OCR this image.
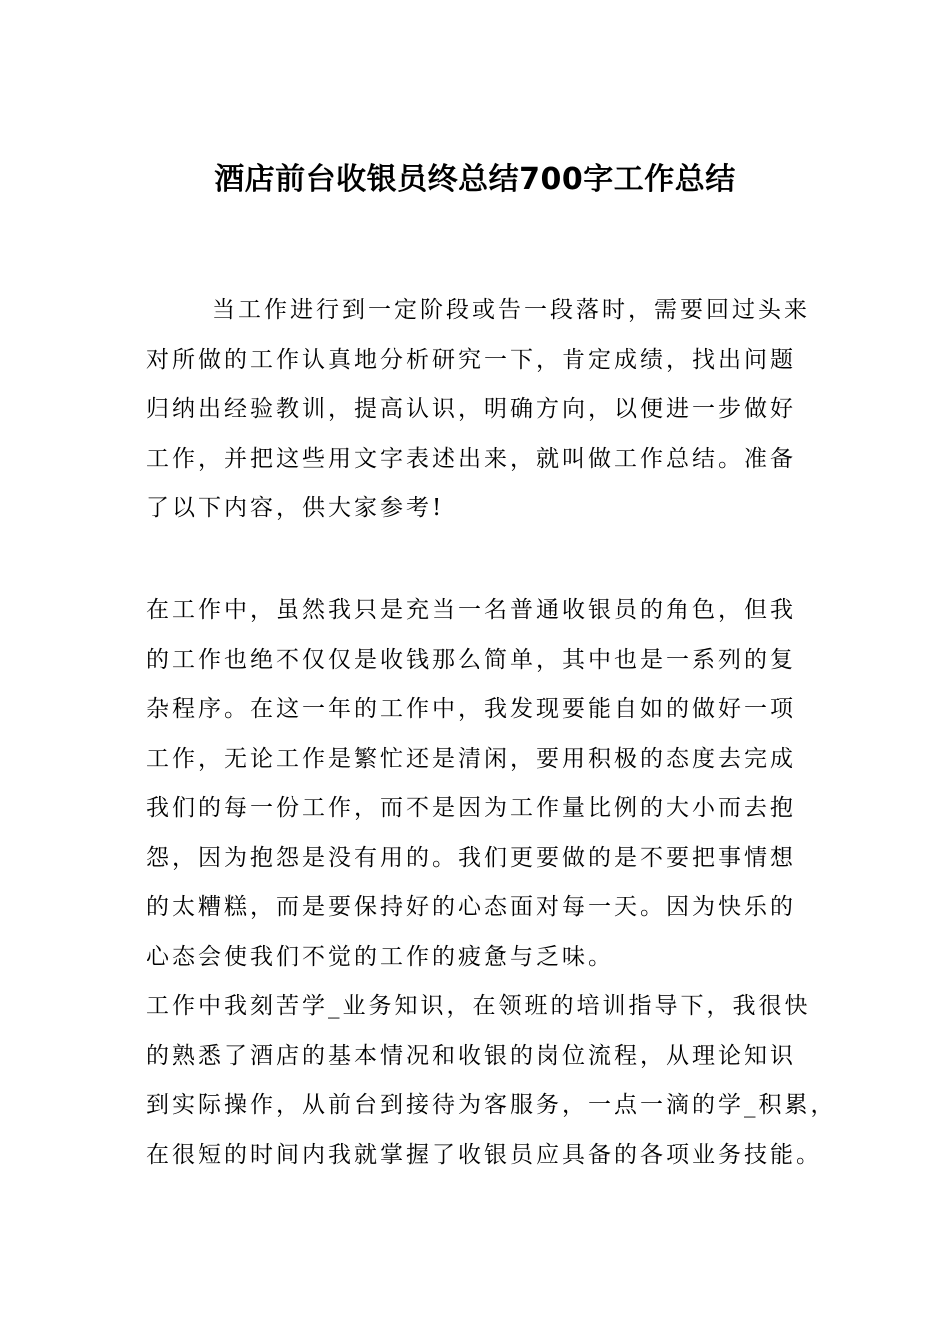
酒店前台收银员终总结700字工作总结
当工作进行到一定阶段或告一段落时，需要回过头来
对所做的工作认真地分析研究一下，肯定成绩，找出问题
归纳出经验教训，提高认识，明确方向，以便进一步做好
工作，并把这些用文字表述出来，就叫做工作总结。准备
了以下内容，供大家参考!
在工作中，虽然我只是充当一名普通收银员的角色，但我
的工作也绝不仅仅是收钱那么简单，其中也是一系列的复
杂程序。在这一年的工作中，我发现要能自如的做好一项
工作，无论工作是繁忙还是清闲，要用积极的态度去完成
我们的每一份工作，而不是因为工作量比例的大小而去抱
怨，因为抱怨是没有用的。我们更要做的是不要把事情想
的太糟糕，而是要保持好的心态面对每一天。因为快乐的
心态会使我们不觉的工作的疲惫与乏味。
工作中我刻苦学_业务知识，在领班的培训指导下，我很快
的熟悉了酒店的基本情况和收银的岗位流程，从理论知识
到实际操作，从前台到接待为客服务，一点一滴的学_积累，
在很短的时间内我就掌握了收银员应具备的各项业务技能。
